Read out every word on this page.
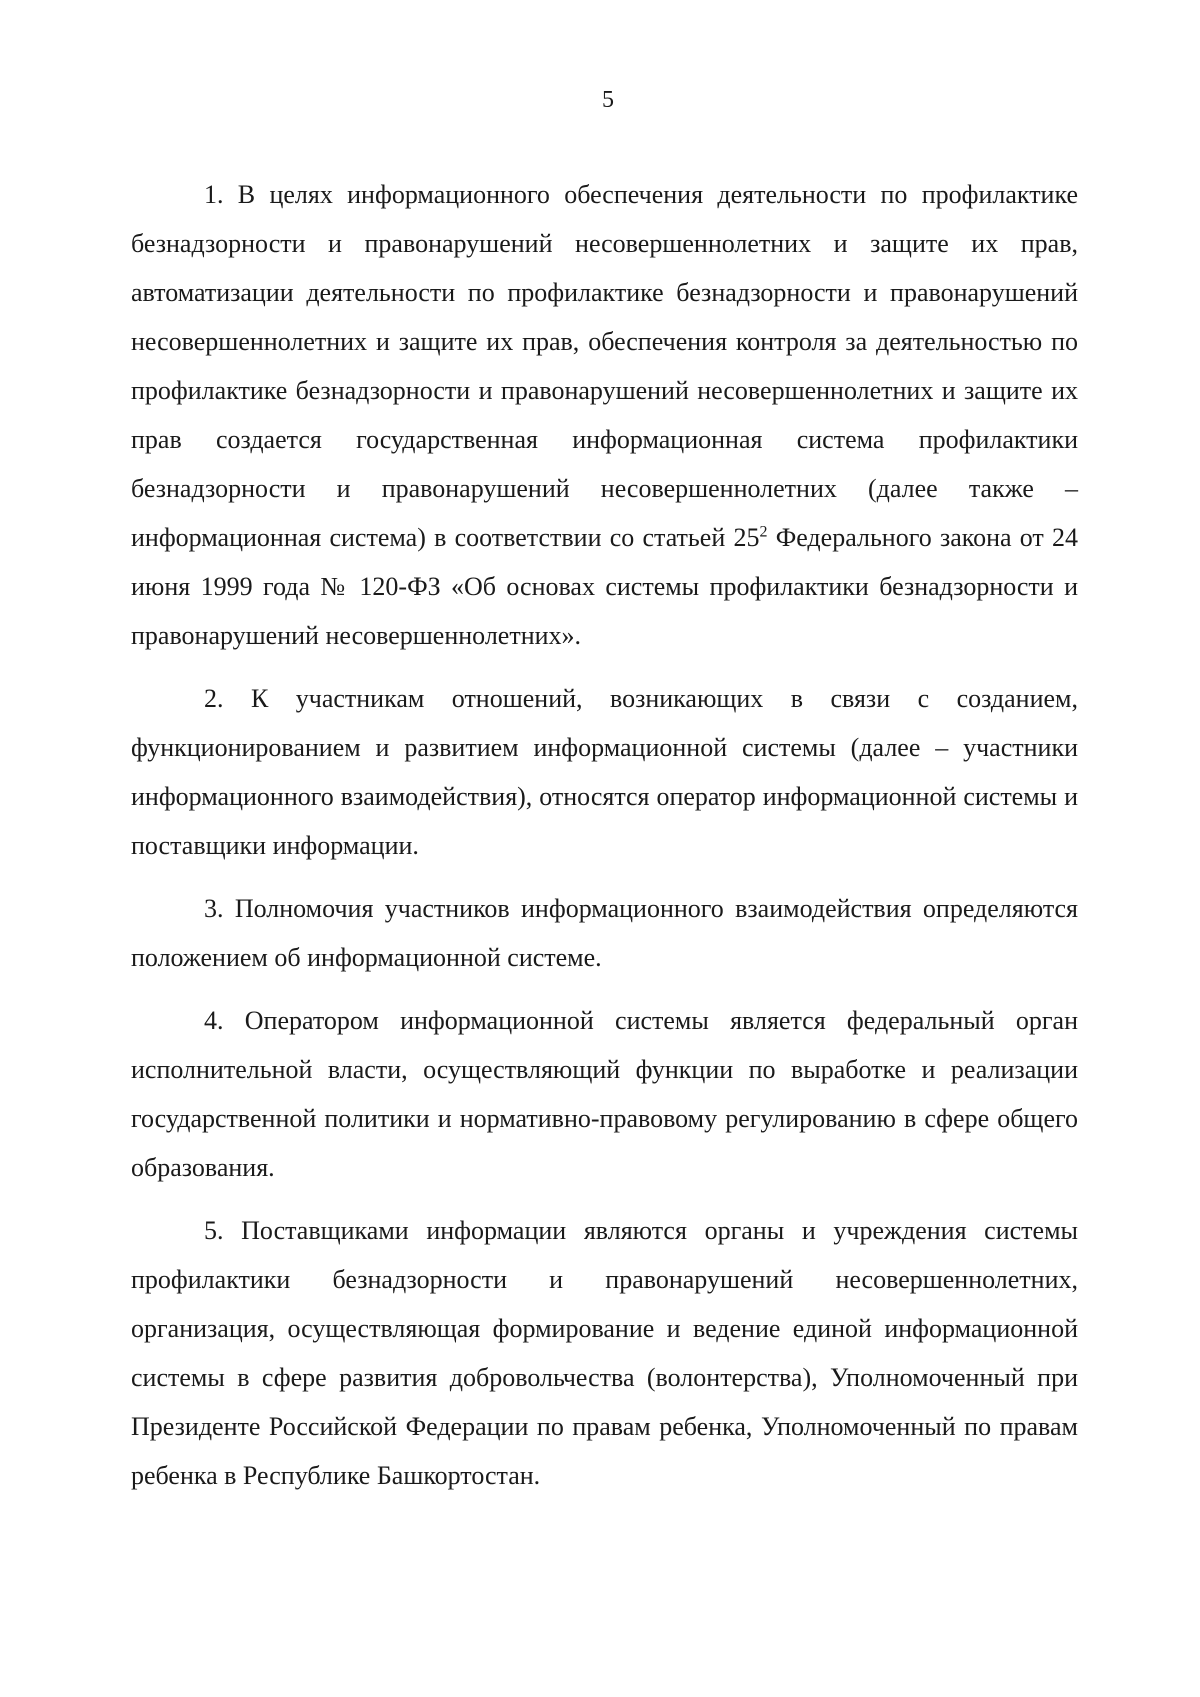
5

1. В целях информационного обеспечения деятельности по профилактике безнадзорности и правонарушений несовершеннолетних и защите их прав, автоматизации деятельности по профилактике безнадзорности и правонарушений несовершеннолетних и защите их прав, обеспечения контроля за деятельностью по профилактике безнадзорности и правонарушений несовершеннолетних и защите их прав создается государственная информационная система профилактики безнадзорности и правонарушений несовершеннолетних (далее также – информационная система) в соответствии со статьей $25^2$ Федерального закона от 24 июня 1999 года № 120-ФЗ «Об основах системы профилактики безнадзорности и правонарушений несовершеннолетних».

2. К участникам отношений, возникающих в связи с созданием, функционированием и развитием информационной системы (далее – участники информационного взаимодействия), относятся оператор информационной системы и поставщики информации.

3. Полномочия участников информационного взаимодействия определяются положением об информационной системе.

4. Оператором информационной системы является федеральный орган исполнительной власти, осуществляющий функции по выработке и реализации государственной политики и нормативно-правовому регулированию в сфере общего образования.

5. Поставщиками информации являются органы и учреждения системы профилактики безнадзорности и правонарушений несовершеннолетних, организация, осуществляющая формирование и ведение единой информационной системы в сфере развития добровольчества (волонтерства), Уполномоченный при Президенте Российской Федерации по правам ребенка, Уполномоченный по правам ребенка в Республике Башкортостан.
